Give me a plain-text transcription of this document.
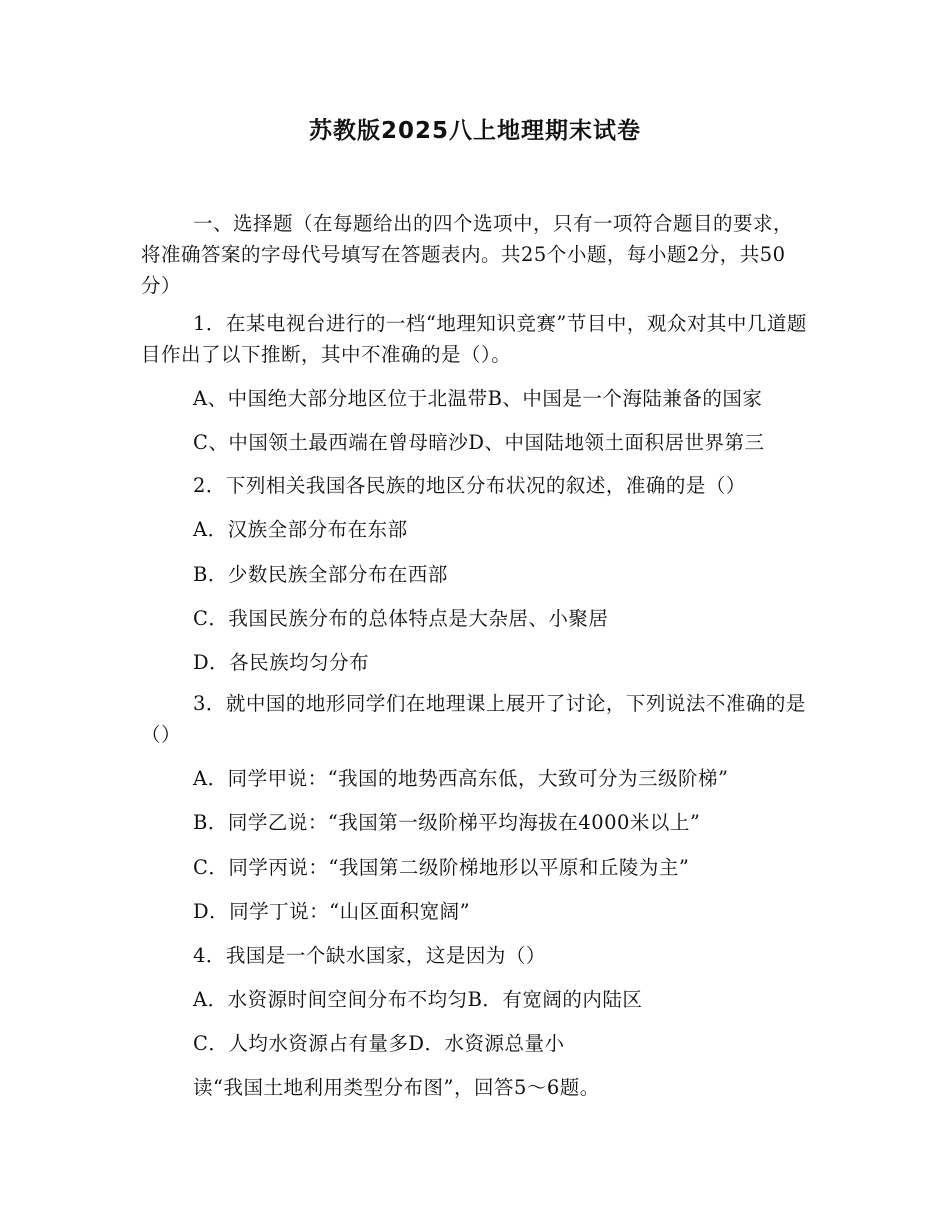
苏教版2025八上地理期末试卷
一、选择题（在每题给出的四个选项中，只有一项符合题目的要求，将准确答案的字母代号填写在答题表内。共25个小题，每小题2分，共50分）
1．在某电视台进行的一档“地理知识竞赛”节目中，观众对其中几道题目作出了以下推断，其中不准确的是（）。
A、中国绝大部分地区位于北温带B、中国是一个海陆兼备的国家
C、中国领土最西端在曾母暗沙D、中国陆地领土面积居世界第三
2．下列相关我国各民族的地区分布状况的叙述，准确的是（）
A．汉族全部分布在东部
B．少数民族全部分布在西部
C．我国民族分布的总体特点是大杂居、小聚居
D．各民族均匀分布
3．就中国的地形同学们在地理课上展开了讨论，下列说法不准确的是（）
A．同学甲说：“我国的地势西高东低，大致可分为三级阶梯”
B．同学乙说：“我国第一级阶梯平均海拔在4000米以上”
C．同学丙说：“我国第二级阶梯地形以平原和丘陵为主”
D．同学丁说：“山区面积宽阔”
4．我国是一个缺水国家，这是因为（）
A．水资源时间空间分布不均匀B．有宽阔的内陆区
C．人均水资源占有量多D．水资源总量小
读“我国土地利用类型分布图”，回答5～6题。
